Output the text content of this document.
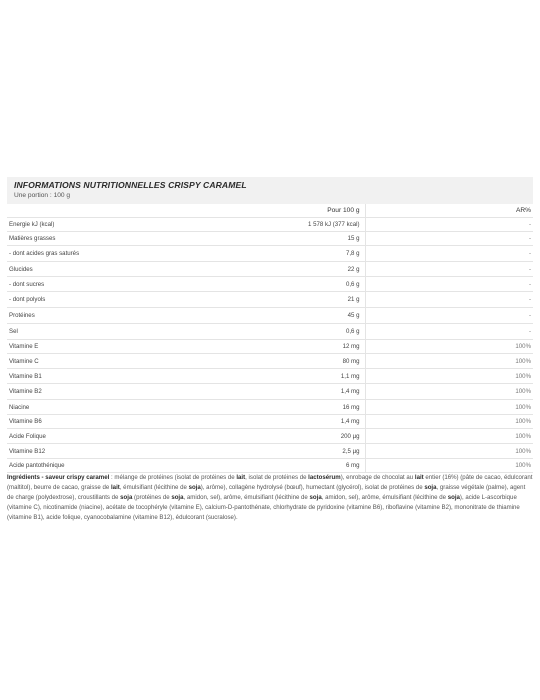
INFORMATIONS NUTRITIONNELLES CRISPY CARAMEL
Une portion : 100 g
	Pour 100 g	AR%
Energie kJ (kcal)	1 578 kJ (377 kcal)	-
Matières grasses	15 g	-
- dont acides gras saturés	7,8 g	-
Glucides	22 g	-
- dont sucres	0,6 g	-
- dont polyols	21 g	-
Protéines	45 g	-
Sel	0,6 g	-
Vitamine E	12 mg	100%
Vitamine C	80 mg	100%
Vitamine B1	1,1 mg	100%
Vitamine B2	1,4 mg	100%
Niacine	16 mg	100%
Vitamine B6	1,4 mg	100%
Acide Folique	200 µg	100%
Vitamine B12	2,5 µg	100%
Acide pantothénique	6 mg	100%
Ingrédients - saveur crispy caramel : mélange de protéines (isolat de protéines de lait, isolat de protéines de lactosérum), enrobage de chocolat au lait entier (16%) (pâte de cacao, édulcorant (maltitol), beurre de cacao, graisse de lait, émulsifiant (lécithine de soja), arôme), collagène hydrolysé (bœuf), humectant (glycérol), isolat de protéines de soja, graisse végétale (palme), agent de charge (polydextrose), croustillants de soja (protéines de soja, amidon, sel), arôme, émulsifiant (lécithine de soja, amidon, sel), arôme, émulsifiant (lécithine de soja), acide L-ascorbique (vitamine C), nicotinamide (niacine), acétate de tocophéryle (vitamine E), calcium-D-pantothénate, chlorhydrate de pyridoxine (vitamine B6), riboflavine (vitamine B2), mononitrate de thiamine (vitamine B1), acide folique, cyanocobalamine (vitamine B12), édulcorant (sucralose).
